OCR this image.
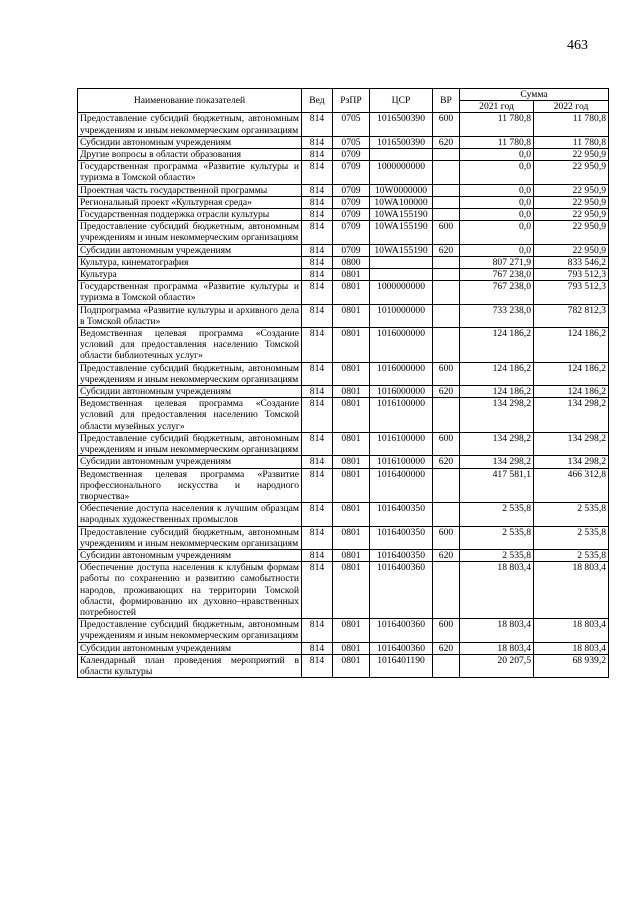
463
Наименование показателей	Вед	РзПР	ЦСР	ВР	Сумма	
					2021 год	2022 год
Предоставление субсидий бюджетным, автономным учреждениям и иным некоммерческим организациям	814	0705	1016500390	600	11 780,8	11 780,8
Субсидии автономным учреждениям	814	0705	1016500390	620	11 780,8	11 780,8
Другие вопросы в области образования	814	0709			0,0	22 950,9
Государственная программа «Развитие культуры и туризма в Томской области»	814	0709	1000000000		0,0	22 950,9
Проектная часть государственной программы	814	0709	10W0000000		0,0	22 950,9
Региональный проект «Культурная среда»	814	0709	10WA100000		0,0	22 950,9
Государственная поддержка отрасли культуры	814	0709	10WA155190		0,0	22 950,9
Предоставление субсидий бюджетным, автономным учреждениям и иным некоммерческим организациям	814	0709	10WA155190	600	0,0	22 950,9
Субсидии автономным учреждениям	814	0709	10WA155190	620	0,0	22 950,9
Культура, кинематография	814	0800			807 271,9	833 546,2
Культура	814	0801			767 238,0	793 512,3
Государственная программа «Развитие культуры и туризма в Томской области»	814	0801	1000000000		767 238,0	793 512,3
Подпрограмма «Развитие культуры и архивного дела в Томской области»	814	0801	1010000000		733 238,0	782 812,3
Ведомственная целевая программа «Создание условий для предоставления населению Томской области библиотечных услуг»	814	0801	1016000000		124 186,2	124 186,2
Предоставление субсидий бюджетным, автономным учреждениям и иным некоммерческим организациям	814	0801	1016000000	600	124 186,2	124 186,2
Субсидии автономным учреждениям	814	0801	1016000000	620	124 186,2	124 186,2
Ведомственная целевая программа «Создание условий для предоставления населению Томской области музейных услуг»	814	0801	1016100000		134 298,2	134 298,2
Предоставление субсидий бюджетным, автономным учреждениям и иным некоммерческим организациям	814	0801	1016100000	600	134 298,2	134 298,2
Субсидии автономным учреждениям	814	0801	1016100000	620	134 298,2	134 298,2
Ведомственная целевая программа «Развитие профессионального искусства и народного творчества»	814	0801	1016400000		417 581,1	466 312,8
Обеспечение доступа населения к лучшим образцам народных художественных промыслов	814	0801	1016400350		2 535,8	2 535,8
Предоставление субсидий бюджетным, автономным учреждениям и иным некоммерческим организациям	814	0801	1016400350	600	2 535,8	2 535,8
Субсидии автономным учреждениям	814	0801	1016400350	620	2 535,8	2 535,8
Обеспечение доступа населения к клубным формам работы по сохранению и развитию самобытности народов, проживающих на территории Томской области, формированию их духовно–нравственных потребностей	814	0801	1016400360		18 803,4	18 803,4
Предоставление субсидий бюджетным, автономным учреждениям и иным некоммерческим организациям	814	0801	1016400360	600	18 803,4	18 803,4
Субсидии автономным учреждениям	814	0801	1016400360	620	18 803,4	18 803,4
Календарный план проведения мероприятий в области культуры	814	0801	1016401190		20 207,5	68 939,2
